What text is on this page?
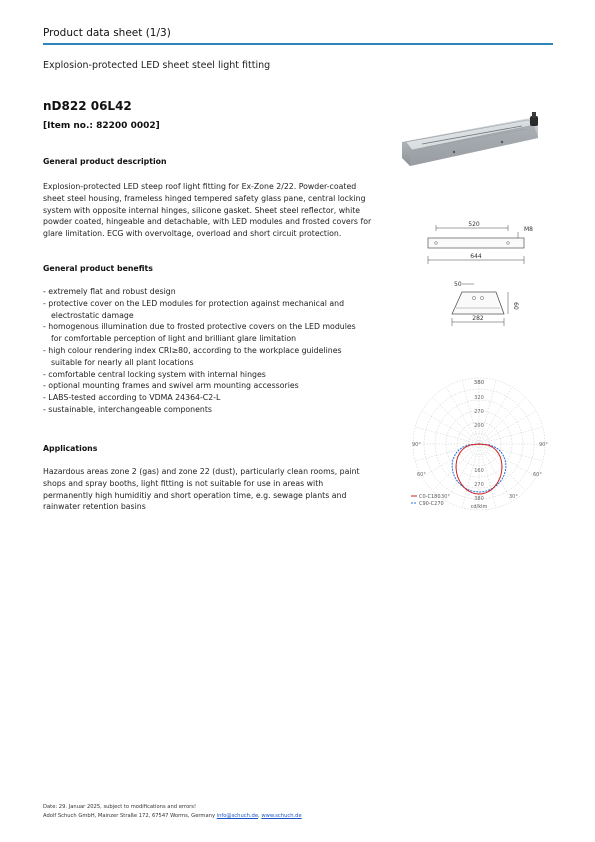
Product data sheet (1/3)
Explosion-protected LED sheet steel light fitting
nD822 06L42
[Item no.: 82200 0002]
General product description
Explosion-protected LED steep roof light fitting for Ex-Zone 2/22. Powder-coated sheet steel housing, frameless hinged tempered safety glass pane, central locking system with opposite internal hinges, silicone gasket. Sheet steel reflector, white powder coated, hingeable and detachable, with LED modules and frosted covers for glare limitation. ECG with overvoltage, overload and short circuit protection.
General product benefits
- extremely flat and robust design
- protective cover on the LED modules for protection against mechanical and electrostatic damage
- homogenous illumination due to frosted protective covers on the LED modules for comfortable perception of light and brilliant glare limitation
- high colour rendering index CRI≥80, according to the workplace guidelines suitable for nearly all plant locations
- comfortable central locking system with internal hinges
- optional mounting frames and swivel arm mounting accessories
- LABS-tested according to VDMA 24364-C2-L
- sustainable, interchangeable components
Applications
Hazardous areas zone 2 (gas) and zone 22 (dust), particularly clean rooms, paint shops and spray booths, light fitting is not suitable for use in areas with permanently high humiditiy and short operation time, e.g. sewage plants and rainwater retention basins
520
M8
644
50
282
60
380
320
270
200
160
270
380
90°	90°
60°	60°
30°	30°
C0-C180
C90-C270	cd/klm
Date: 29. Januar 2025, subject to modifications and errors!
Adolf Schuch GmbH, Mainzer Straße 172, 67547 Worms, Germany info@schuch.de, www.schuch.de
